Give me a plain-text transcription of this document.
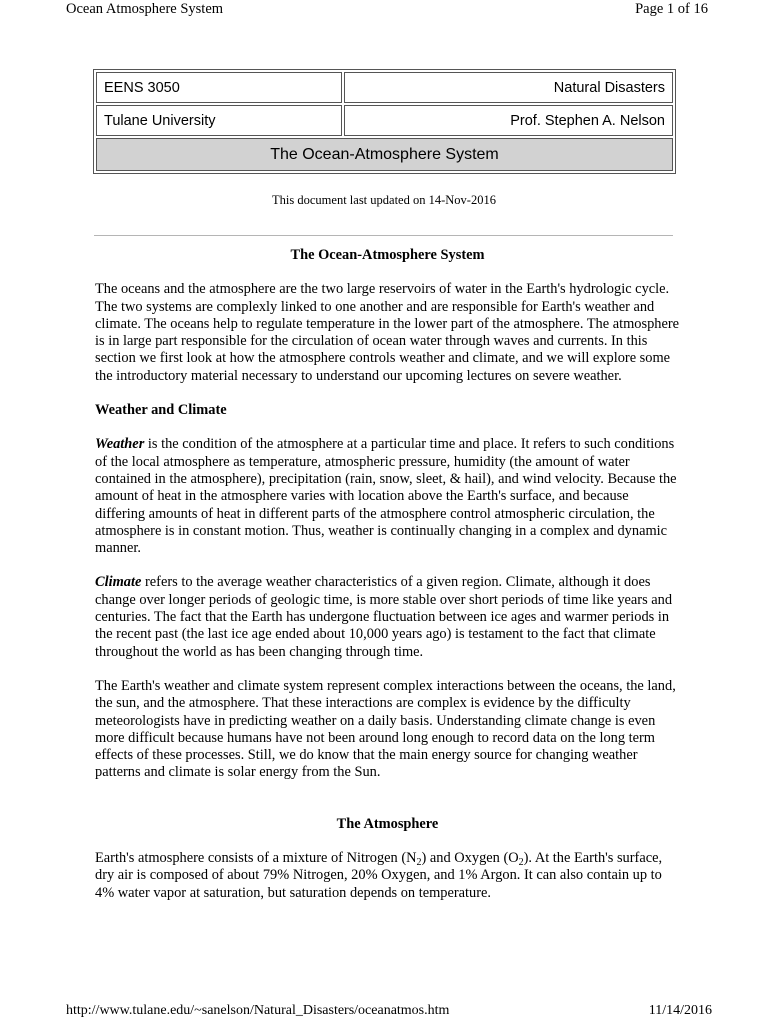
Ocean Atmosphere System	Page 1 of 16
EENS 3050	Natural Disasters
Tulane University	Prof. Stephen A. Nelson
The Ocean-Atmosphere System	
This document last updated on 14-Nov-2016
The Ocean-Atmosphere System

The oceans and the atmosphere are the two large reservoirs of water in the Earth's hydrologic cycle. The two systems are complexly linked to one another and are responsible for Earth's weather and climate. The oceans help to regulate temperature in the lower part of the atmosphere. The atmosphere is in large part responsible for the circulation of ocean water through waves and currents. In this section we first look at how the atmosphere controls weather and climate, and we will explore some the introductory material necessary to understand our upcoming lectures on severe weather.

Weather and Climate

Weather is the condition of the atmosphere at a particular time and place. It refers to such conditions of the local atmosphere as temperature, atmospheric pressure, humidity (the amount of water contained in the atmosphere), precipitation (rain, snow, sleet, & hail), and wind velocity. Because the amount of heat in the atmosphere varies with location above the Earth's surface, and because differing amounts of heat in different parts of the atmosphere control atmospheric circulation, the atmosphere is in constant motion. Thus, weather is continually changing in a complex and dynamic manner.

Climate refers to the average weather characteristics of a given region. Climate, although it does change over longer periods of geologic time, is more stable over short periods of time like years and centuries. The fact that the Earth has undergone fluctuation between ice ages and warmer periods in the recent past (the last ice age ended about 10,000 years ago) is testament to the fact that climate throughout the world as has been changing through time.

The Earth's weather and climate system represent complex interactions between the oceans, the land, the sun, and the atmosphere. That these interactions are complex is evidence by the difficulty meteorologists have in predicting weather on a daily basis. Understanding climate change is even more difficult because humans have not been around long enough to record data on the long term effects of these processes. Still, we do know that the main energy source for changing weather patterns and climate is solar energy from the Sun.

The Atmosphere

Earth's atmosphere consists of a mixture of Nitrogen $(N_2)$ and Oxygen $(O_2)$. At the Earth's surface, dry air is composed of about 79% Nitrogen, 20% Oxygen, and 1% Argon. It can also contain up to 4% water vapor at saturation, but saturation depends on temperature.

http://www.tulane.edu/~sanelson/Natural_Disasters/oceanatmos.htm	11/14/2016
